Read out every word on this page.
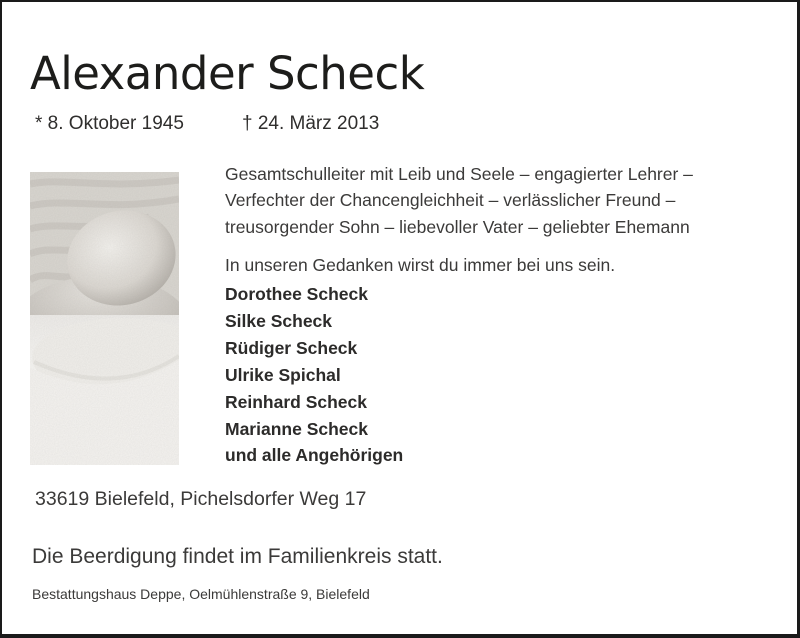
Alexander Scheck
* 8. Oktober 1945	† 24. März 2013
Gesamtschulleiter mit Leib und Seele – engagierter Lehrer –
Verfechter der Chancengleichheit – verlässlicher Freund –
treusorgender Sohn – liebevoller Vater – geliebter Ehemann
In unseren Gedanken wirst du immer bei uns sein.
Dorothee Scheck
Silke Scheck
Rüdiger Scheck
Ulrike Spichal
Reinhard Scheck
Marianne Scheck
und alle Angehörigen
33619 Bielefeld, Pichelsdorfer Weg 17
Die Beerdigung findet im Familienkreis statt.
Bestattungshaus Deppe, Oelmühlenstraße 9, Bielefeld
